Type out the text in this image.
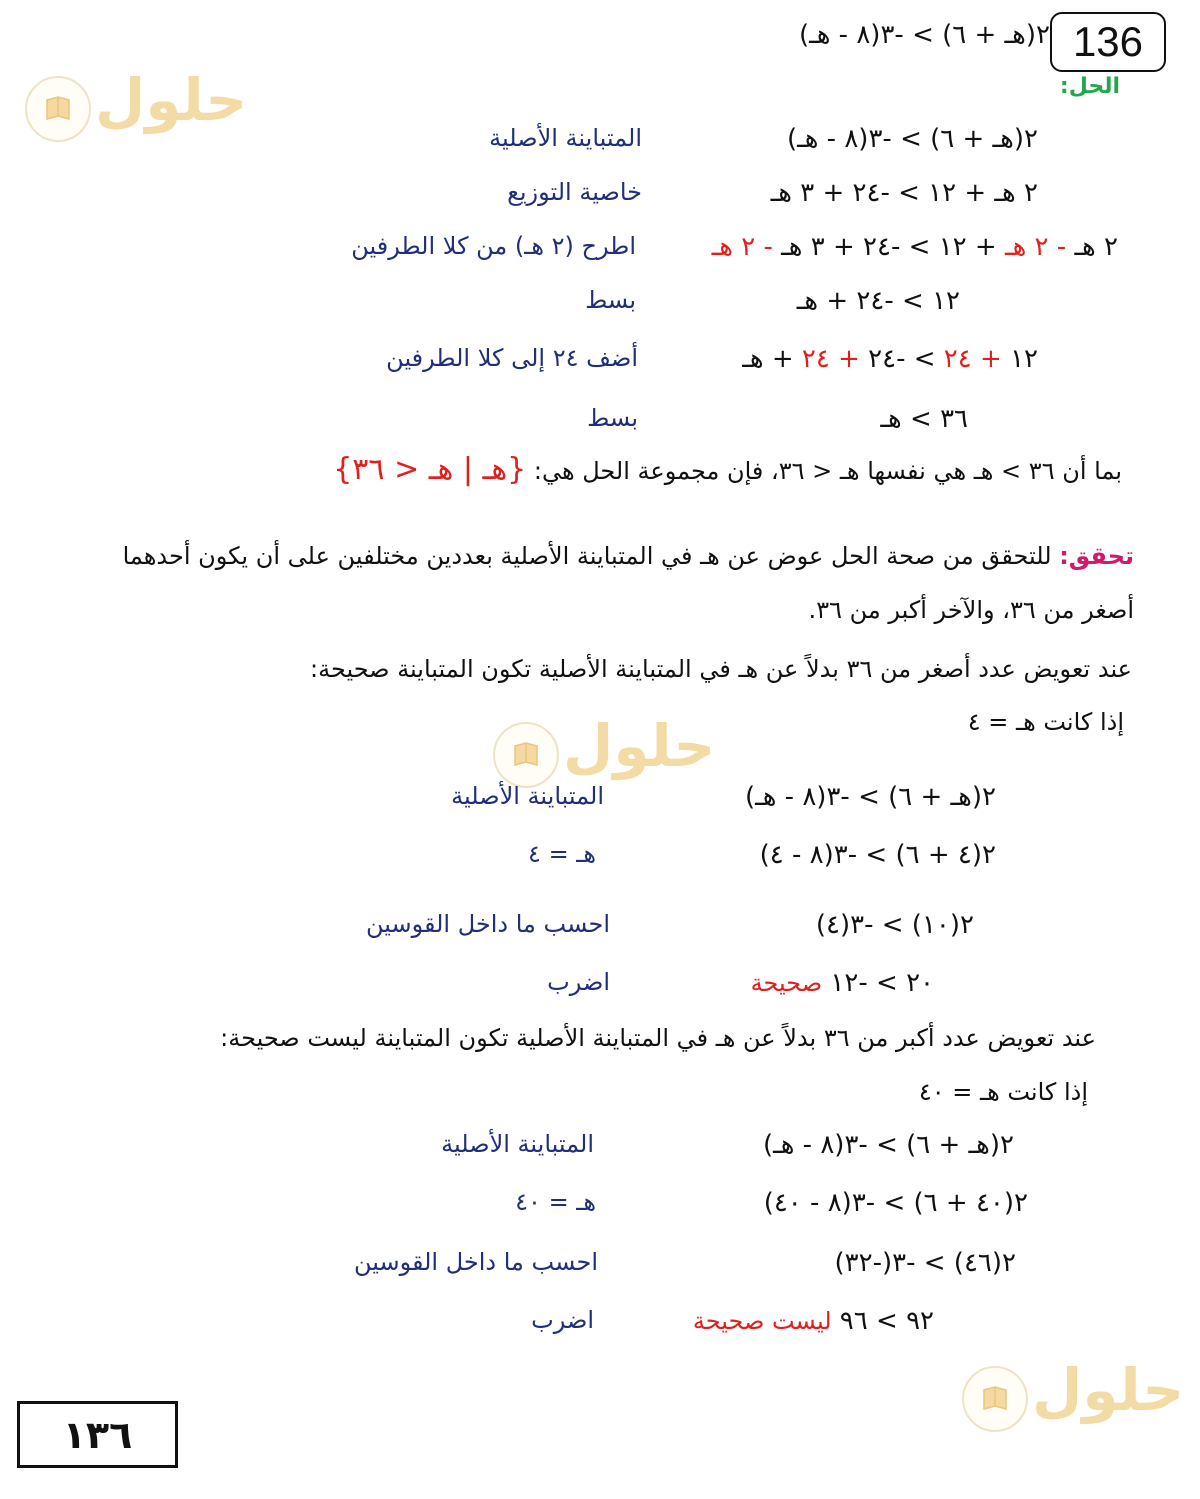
حلول
حلول
حلول
٢(هـ + ٦) > -٣(٨ - هـ) 136
الحل:
٢(هـ + ٦) > -٣(٨ - هـ)
المتباينة الأصلية
٢ هـ + ١٢ > -٢٤ + ٣ هـ
خاصية التوزيع
٢ هـ - ٢ هـ + ١٢ > -٢٤ + ٣ هـ - ٢ هـ
اطرح (٢ هـ) من كلا الطرفين
١٢ > -٢٤ + هـ
بسط
١٢ + ٢٤ > -٢٤ + ٢٤ + هـ
أضف ٢٤ إلى كلا الطرفين
٣٦ > هـ
بسط
بما أن ٣٦ > هـ هي نفسها هـ < ٣٦، فإن مجموعة الحل هي: {هـ | هـ < ٣٦}
تحقق: للتحقق من صحة الحل عوض عن هـ في المتباينة الأصلية بعددين مختلفين على أن يكون أحدهما
أصغر من ٣٦، والآخر أكبر من ٣٦.
عند تعويض عدد أصغر من ٣٦ بدلاً عن هـ في المتباينة الأصلية تكون المتباينة صحيحة:
إذا كانت هـ = ٤
٢(هـ + ٦) > -٣(٨ - هـ)
المتباينة الأصلية
٢(٤ + ٦) > -٣(٨ - ٤)
هـ = ٤
٢(١٠) > -٣(٤)
احسب ما داخل القوسين
٢٠ > -١٢ صحيحة
اضرب
عند تعويض عدد أكبر من ٣٦ بدلاً عن هـ في المتباينة الأصلية تكون المتباينة ليست صحيحة:
إذا كانت هـ = ٤٠
٢(هـ + ٦) > -٣(٨ - هـ)
المتباينة الأصلية
٢(٤٠ + ٦) > -٣(٨ - ٤٠)
هـ = ٤٠
٢(٤٦) > -٣(-٣٢)
احسب ما داخل القوسين
٩٢ > ٩٦ ليست صحيحة
اضرب
١٣٦
